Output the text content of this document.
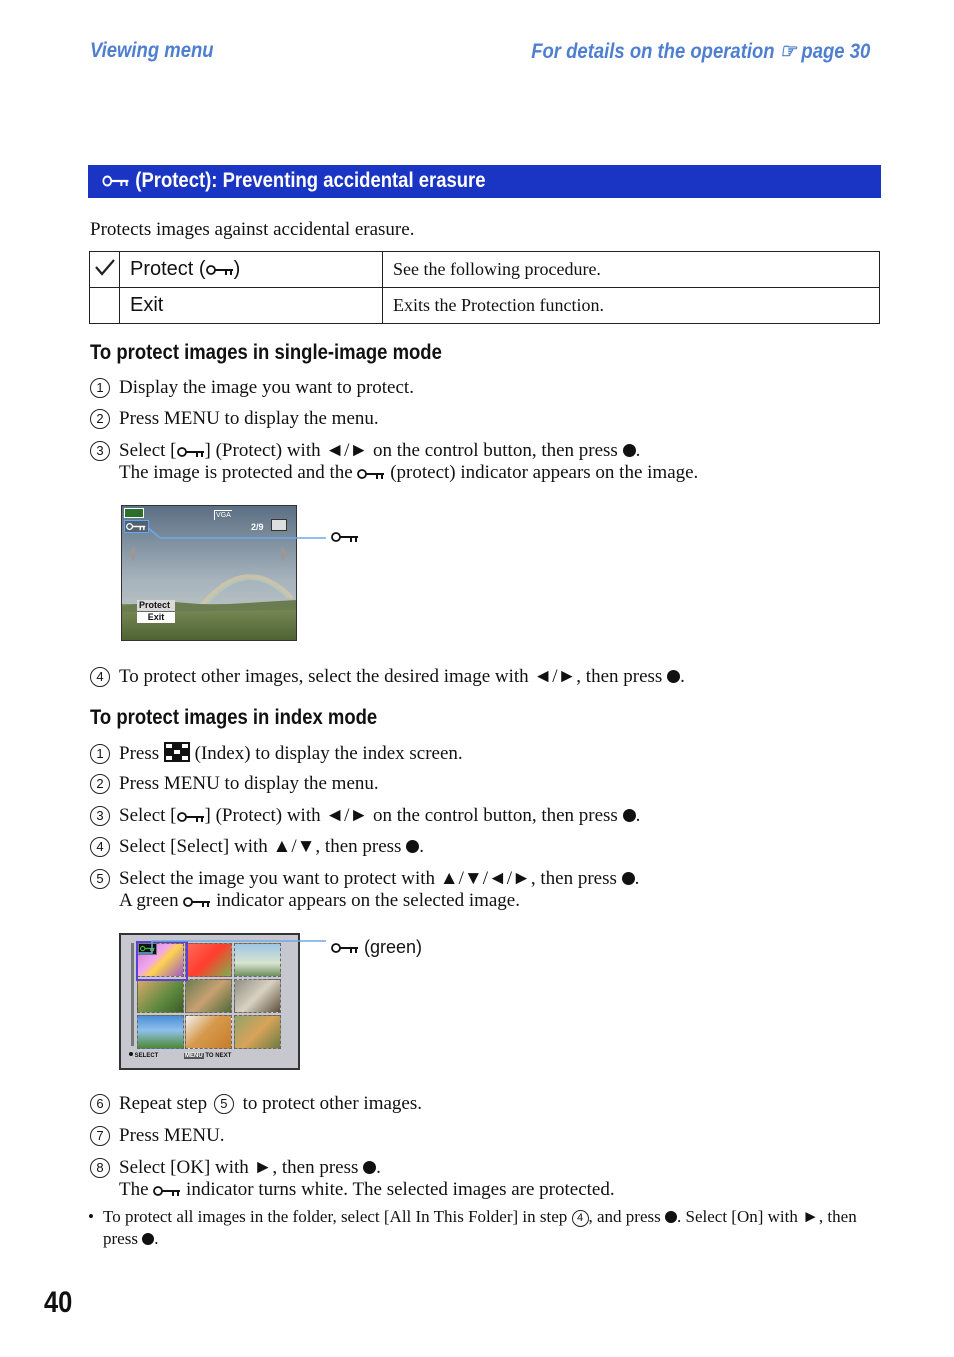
Viewing menu	For details on the operation ☞ page 30
(Protect): Preventing accidental erasure
Protects images against accidental erasure.
	Protect ( )	See the following procedure.
	Exit	Exits the Protection function.
To protect images in single-image mode
1 Display the image you want to protect.
2 Press MENU to display the menu.
3 Select [ ] (Protect) with ◄/► on the control button, then press .
The image is protected and the  (protect) indicator appears on the image.
VGA
2/9
Protect
Exit
4 To protect other images, select the desired image with ◄/►, then press .
To protect images in index mode
1 Press  (Index) to display the index screen.
2 Press MENU to display the menu.
3 Select [ ] (Protect) with ◄/► on the control button, then press .
4 Select [Select] with ▲/▼, then press .
5 Select the image you want to protect with ▲/▼/◄/►, then press .
A green  indicator appears on the selected image.
SELECT	MENU TO NEXT
(green)
6 Repeat step 5 to protect other images.
7 Press MENU.
8 Select [OK] with ►, then press .
The  indicator turns white. The selected images are protected.
• To protect all images in the folder, select [All In This Folder] in step 4 , and press . Select [On] with ►, then press .
40
